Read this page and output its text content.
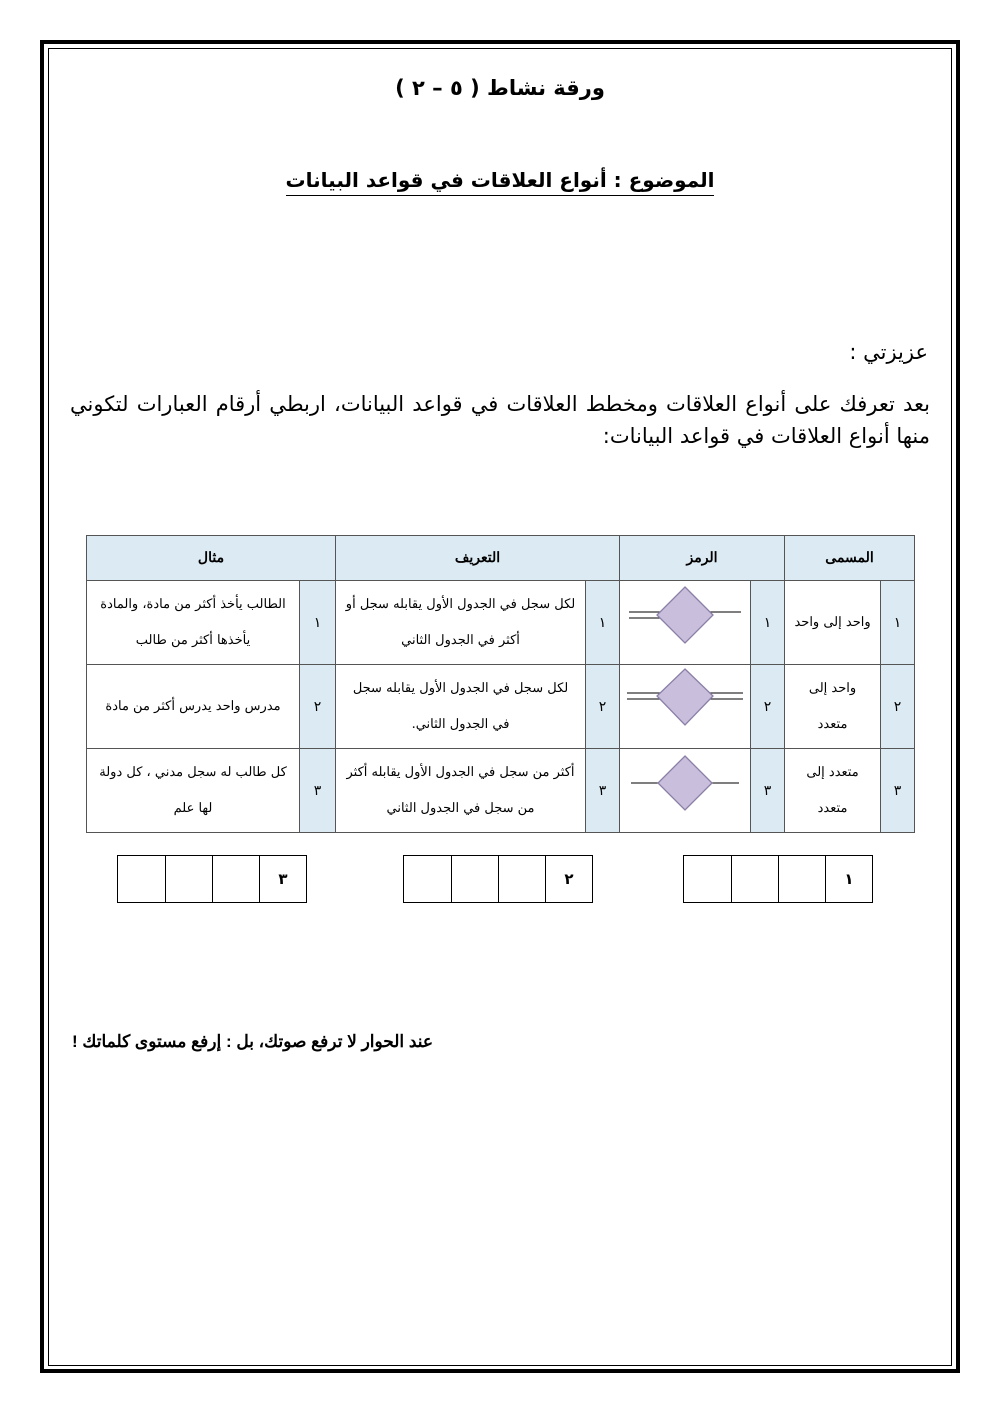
ورقة نشاط ( ٥ – ٢ )
الموضوع : أنواع العلاقات في قواعد البيانات
عزيزتي :
بعد تعرفك على أنواع العلاقات ومخطط العلاقات في قواعد البيانات، اربطي أرقام العبارات لتكوني منها أنواع العلاقات في قواعد البيانات:
المسمى		الرمز		التعريف		مثال	
١	واحد إلى واحد	١		١	لكل سجل في الجدول الأول يقابله سجل أو أكثر في الجدول الثاني	١	الطالب يأخذ أكثر من مادة، والمادة يأخذها أكثر من طالب
٢	واحد إلى متعدد	٢		٢	لكل سجل في الجدول الأول يقابله سجل في الجدول الثاني.	٢	مدرس واحد يدرس أكثر من مادة
٣	متعدد إلى متعدد	٣		٣	أكثر من سجل في الجدول الأول يقابله أكثر من سجل في الجدول الثاني	٣	كل طالب له سجل مدني ، كل دولة لها علم
١
٢
٣
عند الحوار لا ترفع صوتك، بل : إرفع مستوى كلماتك !
